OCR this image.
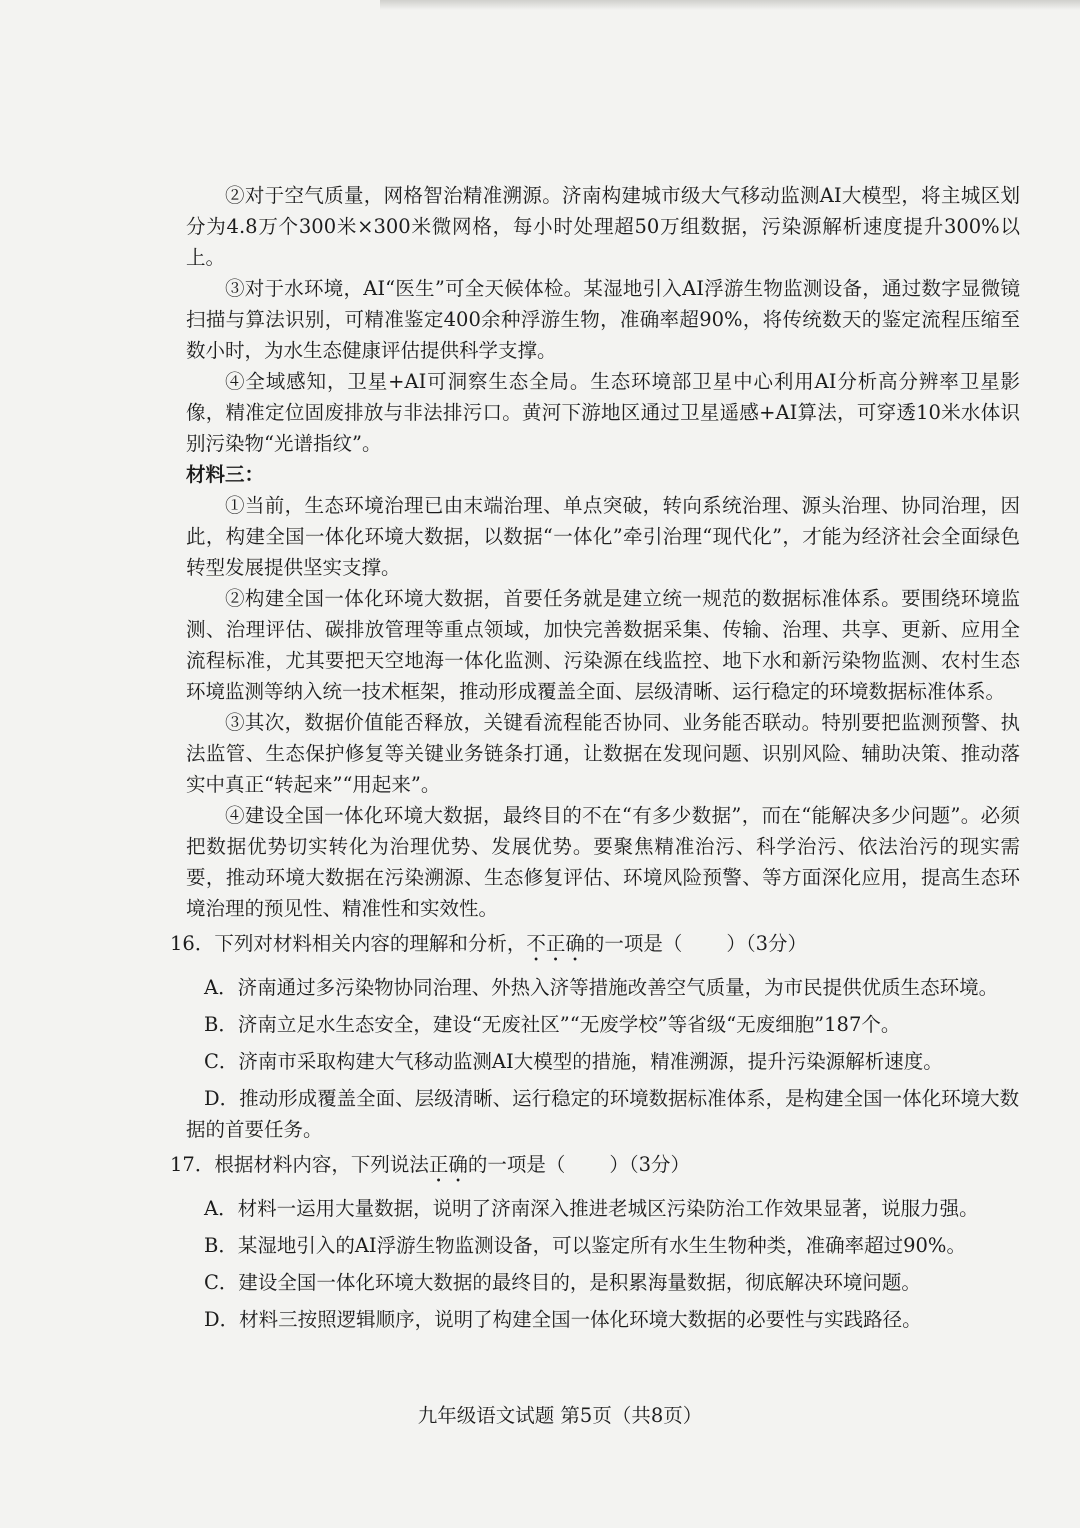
②对于空气质量，网格智治精准溯源。济南构建城市级大气移动监测AI大模型，将主城区划分为4.8万个300米×300米微网格，每小时处理超50万组数据，污染源解析速度提升300%以上。

③对于水环境，AI“医生”可全天候体检。某湿地引入AI浮游生物监测设备，通过数字显微镜扫描与算法识别，可精准鉴定400余种浮游生物，准确率超90%，将传统数天的鉴定流程压缩至数小时，为水生态健康评估提供科学支撑。

④全域感知，卫星+AI可洞察生态全局。生态环境部卫星中心利用AI分析高分辨率卫星影像，精准定位固废排放与非法排污口。黄河下游地区通过卫星遥感+AI算法，可穿透10米水体识别污染物“光谱指纹”。

材料三：

①当前，生态环境治理已由末端治理、单点突破，转向系统治理、源头治理、协同治理，因此，构建全国一体化环境大数据，以数据“一体化”牵引治理“现代化”，才能为经济社会全面绿色转型发展提供坚实支撑。

②构建全国一体化环境大数据，首要任务就是建立统一规范的数据标准体系。要围绕环境监测、治理评估、碳排放管理等重点领域，加快完善数据采集、传输、治理、共享、更新、应用全流程标准，尤其要把天空地海一体化监测、污染源在线监控、地下水和新污染物监测、农村生态环境监测等纳入统一技术框架，推动形成覆盖全面、层级清晰、运行稳定的环境数据标准体系。

③其次，数据价值能否释放，关键看流程能否协同、业务能否联动。特别要把监测预警、执法监管、生态保护修复等关键业务链条打通，让数据在发现问题、识别风险、辅助决策、推动落实中真正“转起来”“用起来”。

④建设全国一体化环境大数据，最终目的不在“有多少数据”，而在“能解决多少问题”。必须把数据优势切实转化为治理优势、发展优势。要聚焦精准治污、科学治污、依法治污的现实需要，推动环境大数据在污染溯源、生态修复评估、环境风险预警、等方面深化应用，提高生态环境治理的预见性、精准性和实效性。

16．下列对材料相关内容的理解和分析，不正确的一项是（ ）（3分）

A．济南通过多污染物协同治理、外热入济等措施改善空气质量，为市民提供优质生态环境。

B．济南立足水生态安全，建设“无废社区”“无废学校”等省级“无废细胞”187个。

C．济南市采取构建大气移动监测AI大模型的措施，精准溯源，提升污染源解析速度。

D．推动形成覆盖全面、层级清晰、运行稳定的环境数据标准体系，是构建全国一体化环境大数据的首要任务。

17．根据材料内容，下列说法正确的一项是（ ）（3分）

A．材料一运用大量数据，说明了济南深入推进老城区污染防治工作效果显著，说服力强。

B．某湿地引入的AI浮游生物监测设备，可以鉴定所有水生生物种类，准确率超过90%。

C．建设全国一体化环境大数据的最终目的，是积累海量数据，彻底解决环境问题。

D．材料三按照逻辑顺序，说明了构建全国一体化环境大数据的必要性与实践路径。

九年级语文试题 第5页（共8页）
